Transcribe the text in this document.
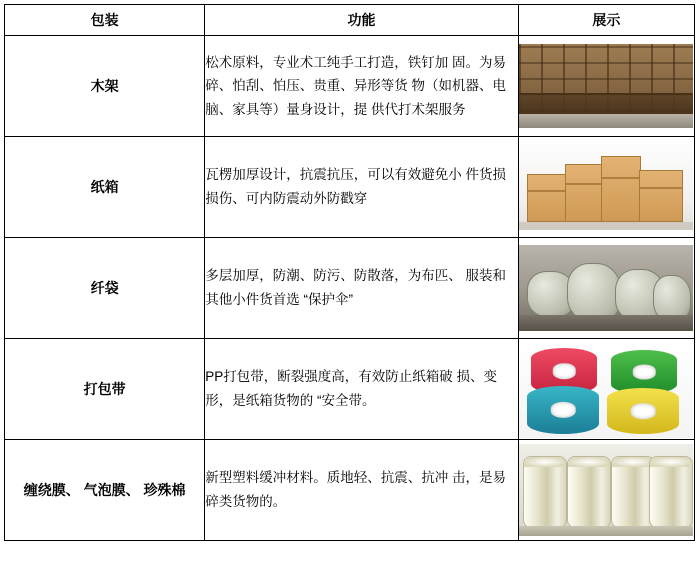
包装	功能	展示
木架	松术原料，专业术工纯手工打造，铁钉加 固。为易碎、怕刮、怕压、贵重、异形等货 物（如机器、电脑、家具等）量身设计，提 供代打术架服务	

纸箱	瓦楞加厚设计，抗震抗压，可以有效避免小 件货损损伤、可内防震动外防戳穿	

纤袋	多层加厚，防潮、防污、防散落，为布匹、 服装和其他小件货首选 “保护伞”	

打包带	PP打包带，断裂强度高，有效防止纸箱破 损、变形，是纸箱货物的 “安全带。	

缠绕膜、 气泡膜、 珍殊棉	新型塑料缓冲材料。质地轻、抗震、抗冲 击，是易碎类货物的。	
